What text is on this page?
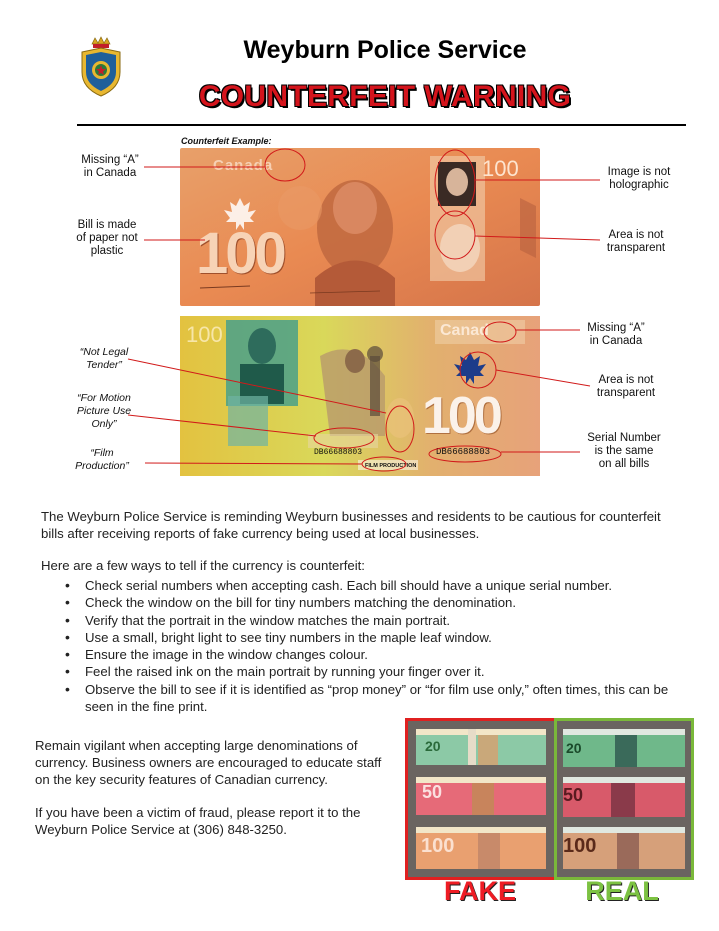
Weyburn Police Service
COUNTERFEIT WARNING
Counterfeit Example:
Canada	100
100
100	Canad
100
DB66688803	DB66688803
FILM PRODUCTION
Missing “A”
in Canada
Bill is made
of paper not
plastic
Image is not
holographic
Area is not
transparent
Missing “A”
in Canada
Area is not
transparent
Serial Number
is the same
on all bills
“Not Legal
Tender”
“For Motion
Picture Use
Only”
“Film
Production”
The Weyburn Police Service is reminding Weyburn businesses and residents to be cautious for counterfeit bills after receiving reports of fake currency being used at local businesses.
Here are a few ways to tell if the currency is counterfeit:
• Check serial numbers when accepting cash. Each bill should have a unique serial number.
• Check the window on the bill for tiny numbers matching the denomination.
• Verify that the portrait in the window matches the main portrait.
• Use a small, bright light to see tiny numbers in the maple leaf window.
• Ensure the image in the window changes colour.
• Feel the raised ink on the main portrait by running your finger over it.
• Observe the bill to see if it is identified as “prop money” or “for film use only,” often times, this can be seen in the fine print.
Remain vigilant when accepting large denominations of currency. Business owners are encouraged to educate staff on the key security features of Canadian currency.
If you have been a victim of fraud, please report it to the Weyburn Police Service at (306) 848-3250.
20
50
100
20
50
100
FAKE	REAL
